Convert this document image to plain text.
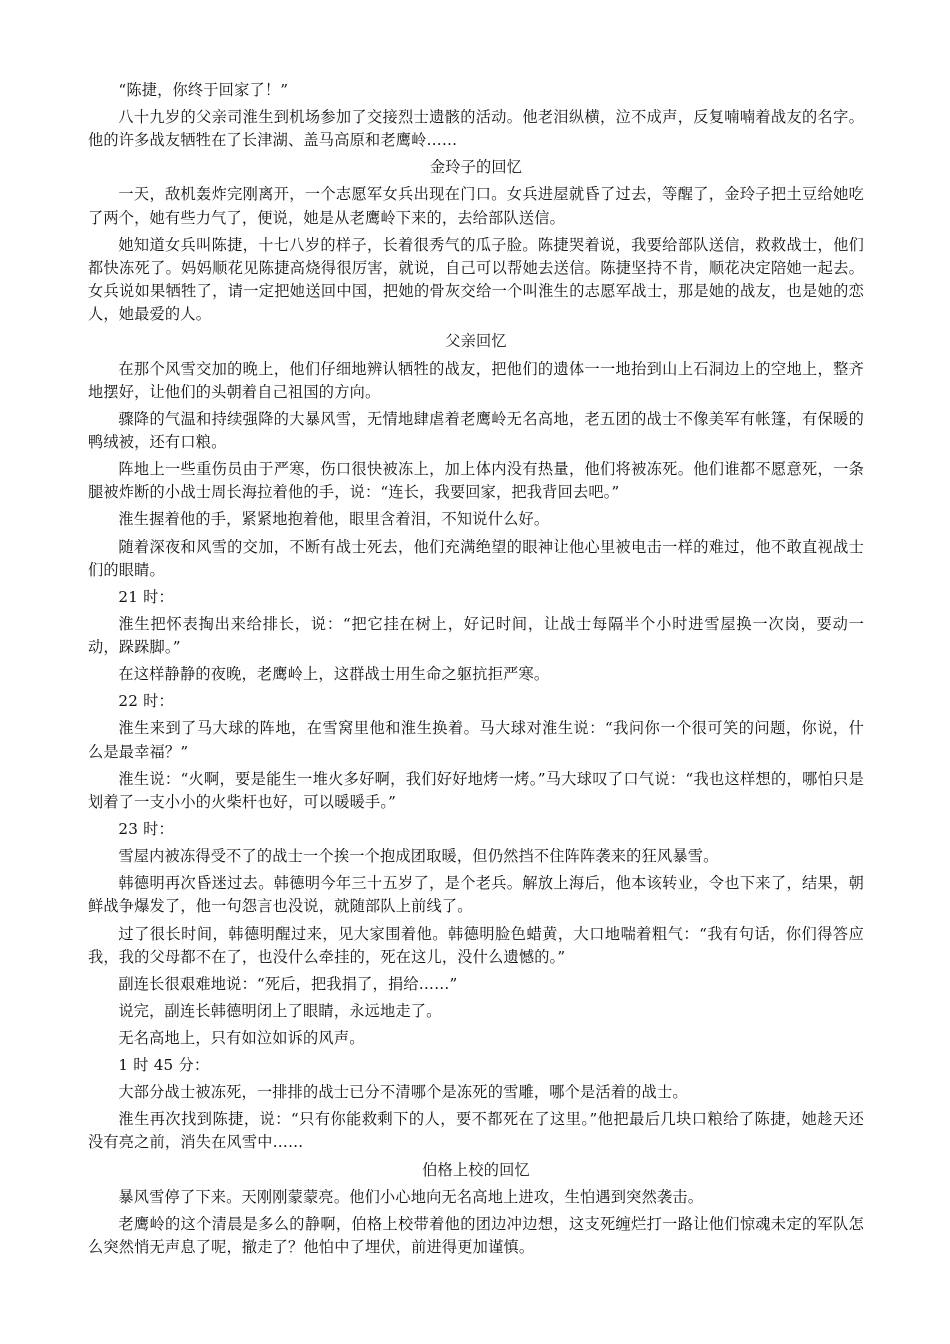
“陈捷，你终于回家了！”

八十九岁的父亲司淮生到机场参加了交接烈士遗骸的活动。他老泪纵横，泣不成声，反复喃喃着战友的名字。他的许多战友牺牲在了长津湖、盖马高原和老鹰岭……

金玲子的回忆

一天，敌机轰炸完刚离开，一个志愿军女兵出现在门口。女兵进屋就昏了过去，等醒了，金玲子把土豆给她吃了两个，她有些力气了，便说，她是从老鹰岭下来的，去给部队送信。

她知道女兵叫陈捷，十七八岁的样子，长着很秀气的瓜子脸。陈捷哭着说，我要给部队送信，救救战士，他们都快冻死了。妈妈顺花见陈捷高烧得很厉害，就说，自己可以帮她去送信。陈捷坚持不肯，顺花决定陪她一起去。女兵说如果牺牲了，请一定把她送回中国，把她的骨灰交给一个叫淮生的志愿军战士，那是她的战友，也是她的恋人，她最爱的人。

父亲回忆

在那个风雪交加的晚上，他们仔细地辨认牺牲的战友，把他们的遗体一一地抬到山上石洞边上的空地上，整齐地摆好，让他们的头朝着自己祖国的方向。

骤降的气温和持续强降的大暴风雪，无情地肆虐着老鹰岭无名高地，老五团的战士不像美军有帐篷，有保暖的鸭绒被，还有口粮。

阵地上一些重伤员由于严寒，伤口很快被冻上，加上体内没有热量，他们将被冻死。他们谁都不愿意死，一条腿被炸断的小战士周长海拉着他的手，说：“连长，我要回家，把我背回去吧。”

淮生握着他的手，紧紧地抱着他，眼里含着泪，不知说什么好。

随着深夜和风雪的交加，不断有战士死去，他们充满绝望的眼神让他心里被电击一样的难过，他不敢直视战士们的眼睛。

21 时：

淮生把怀表掏出来给排长，说：“把它挂在树上，好记时间，让战士每隔半个小时进雪屋换一次岗，要动一动，跺跺脚。”

在这样静静的夜晚，老鹰岭上，这群战士用生命之躯抗拒严寒。

22 时：

淮生来到了马大球的阵地，在雪窝里他和淮生换着。马大球对淮生说：“我问你一个很可笑的问题，你说，什么是最幸福？”

淮生说：“火啊，要是能生一堆火多好啊，我们好好地烤一烤。”马大球叹了口气说：“我也这样想的，哪怕只是划着了一支小小的火柴杆也好，可以暖暖手。”

23 时：

雪屋内被冻得受不了的战士一个挨一个抱成团取暖，但仍然挡不住阵阵袭来的狂风暴雪。

韩德明再次昏迷过去。韩德明今年三十五岁了，是个老兵。解放上海后，他本该转业，令也下来了，结果，朝鲜战争爆发了，他一句怨言也没说，就随部队上前线了。

过了很长时间，韩德明醒过来，见大家围着他。韩德明脸色蜡黄，大口地喘着粗气：“我有句话，你们得答应我，我的父母都不在了，也没什么牵挂的，死在这儿，没什么遗憾的。”

副连长很艰难地说：“死后，把我捐了，捐给……”

说完，副连长韩德明闭上了眼睛，永远地走了。

无名高地上，只有如泣如诉的风声。

1 时 45 分：

大部分战士被冻死，一排排的战士已分不清哪个是冻死的雪雕，哪个是活着的战士。

淮生再次找到陈捷，说：“只有你能救剩下的人，要不都死在了这里。”他把最后几块口粮给了陈捷，她趁天还没有亮之前，消失在风雪中……

伯格上校的回忆

暴风雪停了下来。天刚刚蒙蒙亮。他们小心地向无名高地上进攻，生怕遇到突然袭击。

老鹰岭的这个清晨是多么的静啊，伯格上校带着他的团边冲边想，这支死缠烂打一路让他们惊魂未定的军队怎么突然悄无声息了呢，撤走了？他怕中了埋伏，前进得更加谨慎。
